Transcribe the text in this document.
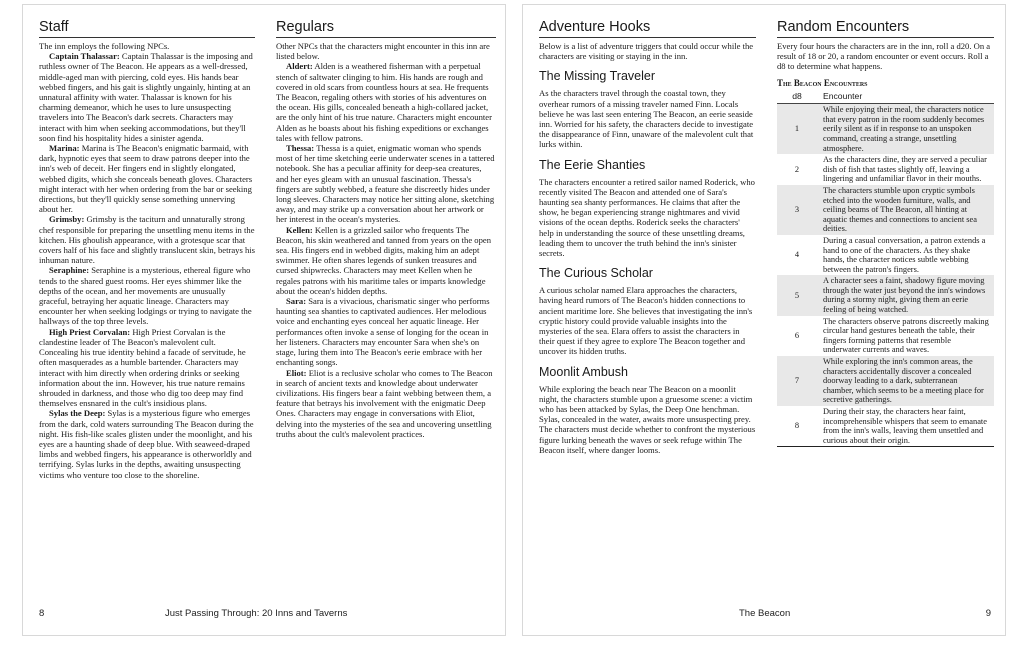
Staff

The inn employs the following NPCs.

Captain Thalassar: Captain Thalassar is the imposing and ruthless owner of The Beacon. He appears as a well-dressed, middle-aged man with piercing, cold eyes. His hands bear webbed fingers, and his gait is slightly ungainly, hinting at an unnatural affinity with water. Thalassar is known for his charming demeanor, which he uses to lure unsuspecting travelers into The Beacon's dark secrets. Characters may interact with him when seeking accommodations, but they'll soon find his hospitality hides a sinister agenda.

Marina: Marina is The Beacon's enigmatic barmaid, with dark, hypnotic eyes that seem to draw patrons deeper into the inn's web of deceit. Her fingers end in slightly elongated, webbed digits, which she conceals beneath gloves. Characters might interact with her when ordering from the bar or seeking directions, but they'll quickly sense something unnerving about her.

Grimsby: Grimsby is the taciturn and unnaturally strong chef responsible for preparing the unsettling menu items in the kitchen. His ghoulish appearance, with a grotesque scar that covers half of his face and slightly translucent skin, betrays his inhuman nature.

Seraphine: Seraphine is a mysterious, ethereal figure who tends to the shared guest rooms. Her eyes shimmer like the depths of the ocean, and her movements are unusually graceful, betraying her aquatic lineage. Characters may encounter her when seeking lodgings or trying to navigate the hallways of the top three levels.

High Priest Corvalan: High Priest Corvalan is the clandestine leader of The Beacon's malevolent cult. Concealing his true identity behind a facade of servitude, he often masquerades as a humble bartender. Characters may interact with him directly when ordering drinks or seeking information about the inn. However, his true nature remains shrouded in darkness, and those who dig too deep may find themselves ensnared in the cult's insidious plans.

Sylas the Deep: Sylas is a mysterious figure who emerges from the dark, cold waters surrounding The Beacon during the night. His fish-like scales glisten under the moonlight, and his eyes are a haunting shade of deep blue. With seaweed-draped limbs and webbed fingers, his appearance is otherworldly and terrifying. Sylas lurks in the depths, awaiting unsuspecting victims who venture too close to the shoreline.

Regulars

Other NPCs that the characters might encounter in this inn are listed below.

Aldert: Alden is a weathered fisherman with a perpetual stench of saltwater clinging to him. His hands are rough and covered in old scars from countless hours at sea. He frequents The Beacon, regaling others with stories of his adventures on the ocean. His gills, concealed beneath a high-collared jacket, are the only hint of his true nature. Characters might encounter Alden as he boasts about his fishing expeditions or exchanges tales with fellow patrons.

Thessa: Thessa is a quiet, enigmatic woman who spends most of her time sketching eerie underwater scenes in a tattered notebook. She has a peculiar affinity for deep-sea creatures, and her eyes gleam with an unusual fascination. Thessa's fingers are subtly webbed, a feature she discreetly hides under long sleeves. Characters may notice her sitting alone, sketching away, and may strike up a conversation about her artwork or her interest in the ocean's mysteries.

Kellen: Kellen is a grizzled sailor who frequents The Beacon, his skin weathered and tanned from years on the open sea. His fingers end in webbed digits, making him an adept swimmer. He often shares legends of sunken treasures and cursed shipwrecks. Characters may meet Kellen when he regales patrons with his maritime tales or imparts knowledge about the ocean's hidden depths.

Sara: Sara is a vivacious, charismatic singer who performs haunting sea shanties to captivated audiences. Her melodious voice and enchanting eyes conceal her aquatic lineage. Her performances often invoke a sense of longing for the ocean in her listeners. Characters may encounter Sara when she's on stage, luring them into The Beacon's eerie embrace with her enchanting songs.

Eliot: Eliot is a reclusive scholar who comes to The Beacon in search of ancient texts and knowledge about underwater civilizations. His fingers bear a faint webbing between them, a feature that betrays his involvement with the enigmatic Deep Ones. Characters may engage in conversations with Eliot, delving into the mysteries of the sea and uncovering unsettling truths about the cult's malevolent practices.

8	Just Passing Through: 20 Inns and Taverns
Adventure Hooks

Below is a list of adventure triggers that could occur while the characters are visiting or staying in the inn.

The Missing Traveler

As the characters travel through the coastal town, they overhear rumors of a missing traveler named Finn. Locals believe he was last seen entering The Beacon, an eerie seaside inn. Worried for his safety, the characters decide to investigate the disappearance of Finn, unaware of the malevolent cult that lurks within.

The Eerie Shanties

The characters encounter a retired sailor named Roderick, who recently visited The Beacon and attended one of Sara's haunting sea shanty performances. He claims that after the show, he began experiencing strange nightmares and vivid visions of the ocean depths. Roderick seeks the characters' help in understanding the source of these unsettling dreams, leading them to uncover the truth behind the inn's sinister secrets.

The Curious Scholar

A curious scholar named Elara approaches the characters, having heard rumors of The Beacon's hidden connections to ancient maritime lore. She believes that investigating the inn's cryptic history could provide valuable insights into the mysteries of the sea. Elara offers to assist the characters in their quest if they agree to explore The Beacon together and uncover its hidden truths.

Moonlit Ambush

While exploring the beach near The Beacon on a moonlit night, the characters stumble upon a gruesome scene: a victim who has been attacked by Sylas, the Deep One henchman. Sylas, concealed in the water, awaits more unsuspecting prey. The characters must decide whether to confront the mysterious figure lurking beneath the waves or seek refuge within The Beacon itself, where danger looms.

Random Encounters

Every four hours the characters are in the inn, roll a d20. On a result of 18 or 20, a random encounter or event occurs. Roll a d8 to determine what happens.

The Beacon Encounters
d8	Encounter
1	While enjoying their meal, the characters notice that every patron in the room suddenly becomes eerily silent as if in response to an unspoken command, creating a strange, unsettling atmosphere.
2	As the characters dine, they are served a peculiar dish of fish that tastes slightly off, leaving a lingering and unfamiliar flavor in their mouths.
3	The characters stumble upon cryptic symbols etched into the wooden furniture, walls, and ceiling beams of The Beacon, all hinting at aquatic themes and connections to ancient sea deities.
4	During a casual conversation, a patron extends a hand to one of the characters. As they shake hands, the character notices subtle webbing between the patron's fingers.
5	A character sees a faint, shadowy figure moving through the water just beyond the inn's windows during a stormy night, giving them an eerie feeling of being watched.
6	The characters observe patrons discreetly making circular hand gestures beneath the table, their fingers forming patterns that resemble underwater currents and waves.
7	While exploring the inn's common areas, the characters accidentally discover a concealed doorway leading to a dark, subterranean chamber, which seems to be a meeting place for secretive gatherings.
8	During their stay, the characters hear faint, incomprehensible whispers that seem to emanate from the inn's walls, leaving them unsettled and curious about their origin.
The Beacon	9
